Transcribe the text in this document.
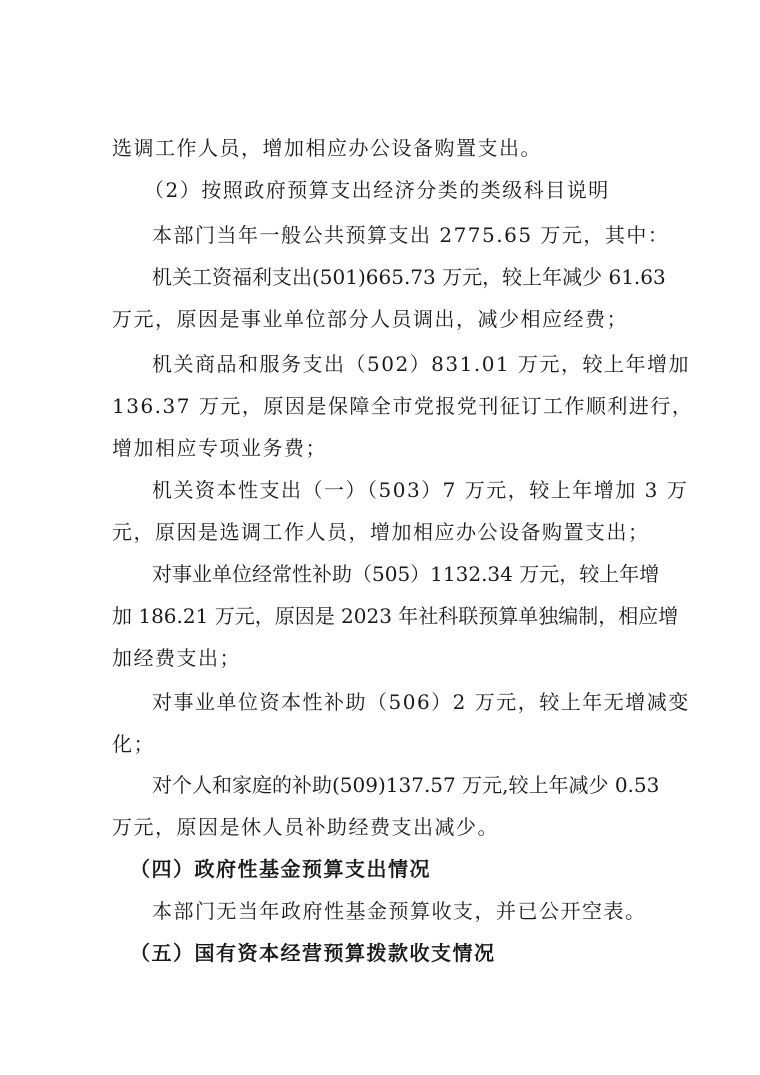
选调工作人员，增加相应办公设备购置支出。
（2）按照政府预算支出经济分类的类级科目说明
本部门当年一般公共预算支出 2775.65 万元，其中：
机关工资福利支出(501)665.73 万元，较上年减少 61.63
万元，原因是事业单位部分人员调出，减少相应经费；
机关商品和服务支出（502）831.01 万元，较上年增加
136.37 万元，原因是保障全市党报党刊征订工作顺利进行，
增加相应专项业务费；
机关资本性支出（一）（503）7 万元，较上年增加 3 万
元，原因是选调工作人员，增加相应办公设备购置支出；
对事业单位经常性补助（505）1132.34 万元，较上年增
加 186.21 万元，原因是 2023 年社科联预算单独编制，相应增
加经费支出；
对事业单位资本性补助（506）2 万元，较上年无增减变
化；
对个人和家庭的补助(509)137.57 万元,较上年减少 0.53
万元，原因是休人员补助经费支出减少。
（四）政府性基金预算支出情况
本部门无当年政府性基金预算收支，并已公开空表。
（五）国有资本经营预算拨款收支情况
